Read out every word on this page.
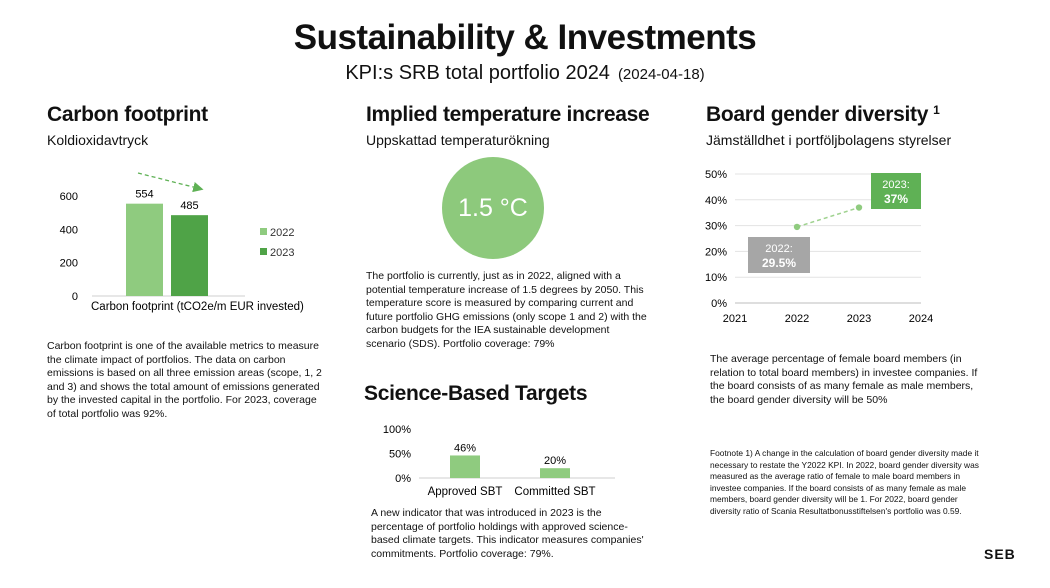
Sustainability & Investments
KPI:s SRB total portfolio 2024 (2024-04-18)
Carbon footprint
Koldioxidavtryck
0
200
400
600	554
2022
485
2023
Carbon footprint (tCO2e/m EUR invested)
Carbon footprint is one of the available metrics to measure the climate impact of portfolios. The data on carbon emissions is based on all three emission areas (scope, 1, 2 and 3) and shows the total amount of emissions generated by the invested capital in the portfolio. For 2023, coverage of total portfolio was 92%.
Implied temperature increase
Uppskattad temperaturökning
1.5 °C
The portfolio is currently, just as in 2022, aligned with a potential temperature increase of 1.5 degrees by 2050. This temperature score is measured by comparing current and future portfolio GHG emissions (only scope 1 and 2) with the carbon budgets for the IEA sustainable development scenario (SDS). Portfolio coverage: 79%
Science-Based Targets
0%
50%
100%
46%
Approved SBT
20%
Committed SBT
A new indicator that was introduced in 2023 is the percentage of portfolio holdings with approved science-based climate targets. This indicator measures companies' commitments. Portfolio coverage: 79%.
Board gender diversity $^1$
Jämställdhet i portföljbolagens styrelser
0%
10%
20%
30%
40%
50%
2021	2022	2023	2024
2022:
29.5%
2023:
37%
The average percentage of female board members (in relation to total board members) in investee companies. If the board consists of as many female as male members, the board gender diversity will be 50%
Footnote 1) A change in the calculation of board gender diversity made it necessary to restate the Y2022 KPI. In 2022, board gender diversity was measured as the average ratio of female to male board members in investee companies. If the board consists of as many female as male members, board gender diversity will be 1. For 2022, board gender diversity ratio of Scania Resultatbonusstiftelsen's portfolio was 0.59.
SEB
